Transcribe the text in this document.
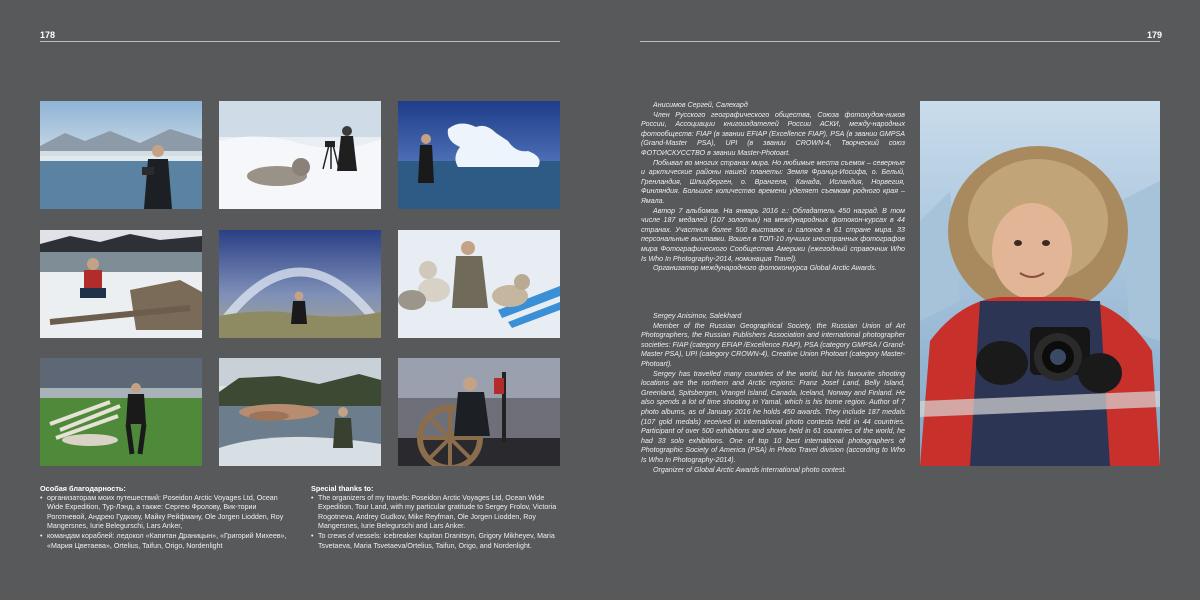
178	179

Анисимов Сергей, Салехард

Член Русского географического общества, Союза фотохудож-ников России, Ассоциации книгоиздателей России АСКИ, между-народных фотообществ: FIAP (в звании EFIAP (Excellence FIAP), PSA (в звании GMPSA (Grand-Master PSA), UPI (в звании CROWN-4, Творческий союз ФОТОИСКУССТВО в звании Master-Photoart.

Побывал во многих странах мира. Но любимые места съемок – северные и арктические районы нашей планеты: Земля Франца-Иосифа, о. Белый, Гренландия, Шпицберген, о. Врангеля, Канада, Исландия, Норвегия, Финляндия. Большое количество времени уделяет съемкам родного края – Ямала.

Автор 7 альбомов. На январь 2016 г.: Обладатель 450 наград. В том числе 187 медалей (107 золотых) на международных фотокон-курсах в 44 странах. Участник более 500 выставок и салонов в 61 стране мира. 33 персональные выставки. Вошел в ТОП-10 лучших иностранных фотографов мира Фотографического Сообщества Америки (ежегодный справочник Who Is Who In Photography-2014, номинация Travel).

Организатор международного фотоконкурса Global Arctic Awards.

Sergey Anisimov, Salekhard

Member of the Russian Geographical Society, the Russian Union of Art Photographers, the Russian Publishers Association and international photographer societies: FIAP (category EFIAP /Excellence FIAP), PSA (category GMPSA / Grand-Master PSA), UPI (category CROWN-4), Creative Union Photoart (category Master-Photoart).

Sergey has travelled many countries of the world, but his favourite shooting locations are the northern and Arctic regions: Franz Josef Land, Belly Island, Greenland, Spitsbergen, Vrangel Island, Canada, Iceland, Norway and Finland. He also spends a lot of time shooting in Yamal, which is his home region. Author of 7 photo albums, as of January 2016 he holds 450 awards. They include 187 medals (107 gold medals) received in international photo contests held in 44 countries. Participant of over 500 exhibitions and shows held in 61 countries of the world, he had 33 solo exhibitions. One of top 10 best international photographers of Photographic Society of America (PSA) in Photo Travel division (according to Who Is Who In Photography-2014).

Organizer of Global Arctic Awards international photo contest.

Особая благодарность:
• организаторам моих путешествий: Poseidon Arctic Voyages Ltd, Ocean Wide Expedition, Тур-Лэнд, а также: Сергею Фролову, Вик-тории Роготневой, Андрею Гудкову, Майку Рейфману, Ole Jorgen Liodden, Roy Mangersnes, Iurie Belegurschi, Lars Anker,
• командам кораблей: ледокол «Капитан Драницын», «Григорий Михеев», «Мария Цветаева», Ortelius, Taifun, Origo, Nordenlight
Special thanks to:
• The organizers of my travels: Poseidon Arctic Voyages Ltd, Ocean Wide Expedition, Tour Land, with my particular gratitude to Sergey Frolov, Victoria Rogotneva, Andrey Gudkov, Mike Reyfman, Ole Jorgen Liodden, Roy Mangersnes, Iurie Belegurschi and Lars Anker.
• To crews of vessels: icebreaker Kapitan Dranitsyn, Grigory Mikheyev, Maria Tsvetaeva, Maria Tsvetaeva/Ortelius, Taifun, Origo, and Nordenlight.
